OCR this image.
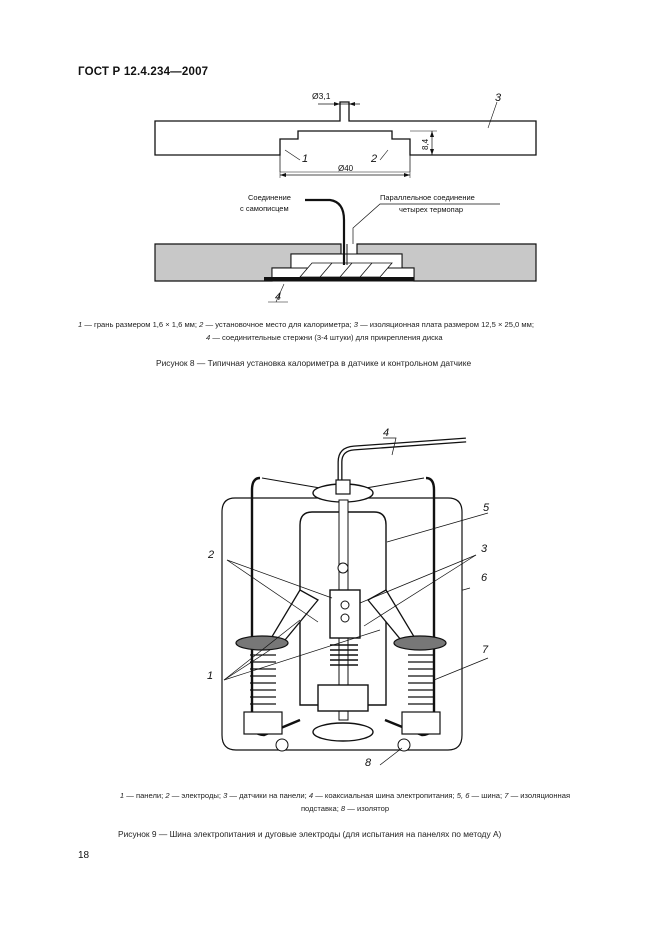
ГОСТ Р 12.4.234—2007
Ø3,1
8,4
Ø40
1	2
3
Соединение
с самописцем
Параллельное соединение
четырех термопар
4
1 — грань размером 1,6 × 1,6 мм; 2 — установочное место для калориметра; 3 — изоляционная плата размером 12,5 × 25,0 мм;
4 — соединительные стержни (3-4 штуки) для прикрепления диска
Рисунок 8 — Типичная установка калориметра в датчике и контрольном датчике
4
5
2	3
6
7
1
8
1 — панели; 2 — электроды; 3 — датчики на панели; 4 — коаксиальная шина электропитания; 5, 6 — шина; 7 — изоляционная
подставка; 8 — изолятор
Рисунок 9 — Шина электропитания и дуговые электроды (для испытания на панелях по методу А)
18
